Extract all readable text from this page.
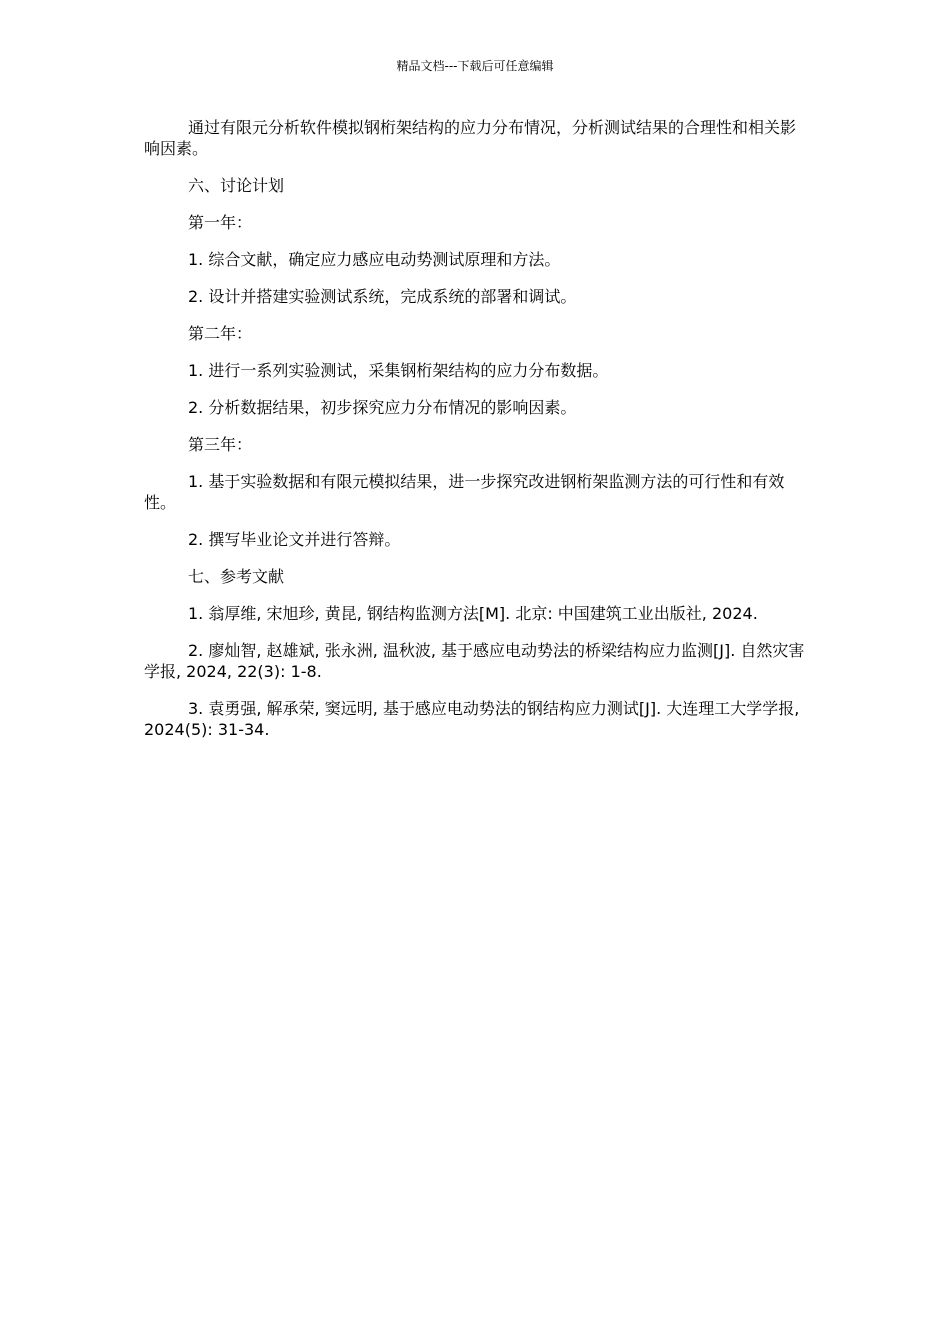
精品文档---下载后可任意编辑

通过有限元分析软件模拟钢桁架结构的应力分布情况，分析测试结果的合理性和相关影响因素。

六、讨论计划

第一年：

1. 综合文献，确定应力感应电动势测试原理和方法。

2. 设计并搭建实验测试系统，完成系统的部署和调试。

第二年：

1. 进行一系列实验测试，采集钢桁架结构的应力分布数据。

2. 分析数据结果，初步探究应力分布情况的影响因素。

第三年：

1. 基于实验数据和有限元模拟结果，进一步探究改进钢桁架监测方法的可行性和有效性。

2. 撰写毕业论文并进行答辩。

七、参考文献

1. 翁厚维, 宋旭珍, 黄昆, 钢结构监测方法[M]. 北京: 中国建筑工业出版社, 2024.

2. 廖灿智, 赵雄斌, 张永洲, 温秋波, 基于感应电动势法的桥梁结构应力监测[J]. 自然灾害学报, 2024, 22(3): 1-8.

3. 袁勇强, 解承荣, 窦远明, 基于感应电动势法的钢结构应力测试[J]. 大连理工大学学报, 2024(5): 31-34.
